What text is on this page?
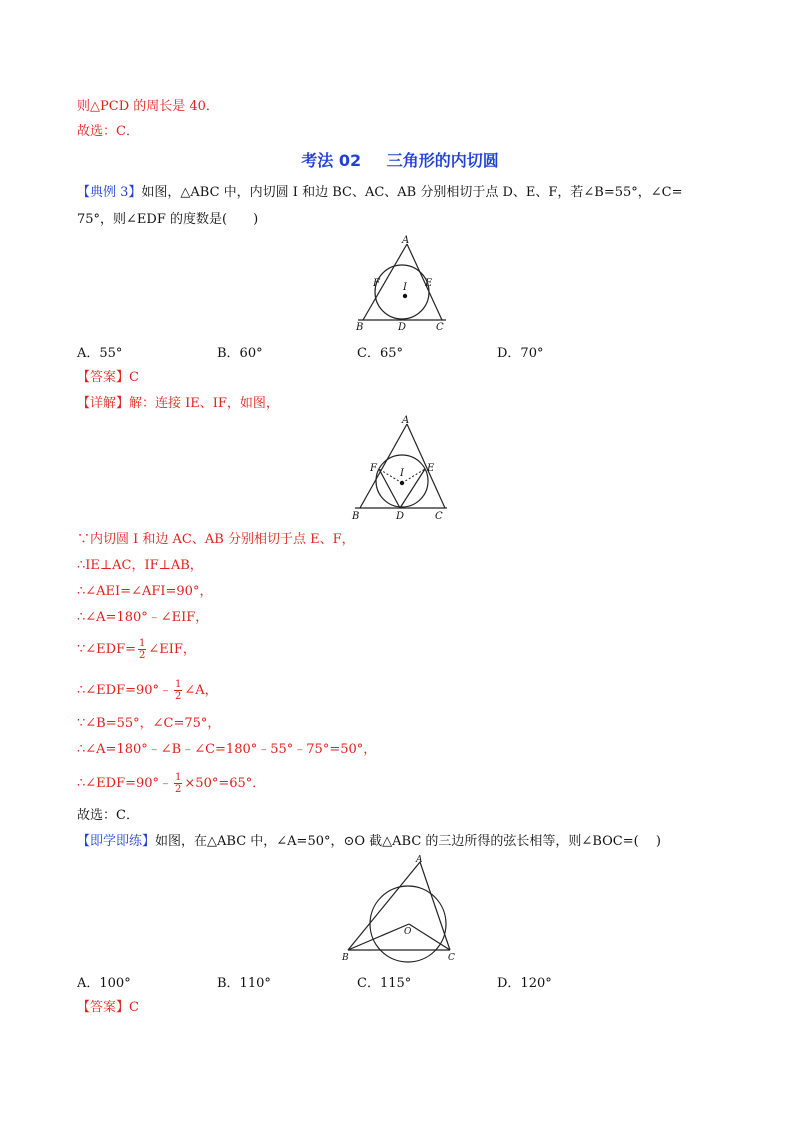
则△PCD 的周长是 40．
故选：C．
考法 02 三角形的内切圆
【典例 3】如图，△ABC 中，内切圆 I 和边 BC、AC、AB 分别相切于点 D、E、F，若∠B=55°，∠C=
75°，则∠EDF 的度数是(　　)
A
F	E
I
B	D	C
A．55°	B．60°	C．65°	D．70°
【答案】C
【详解】解：连接 IE、IF，如图，
A
F	E
I
B	D	C
∵内切圆 I 和边 AC、AB 分别相切于点 E、F，
∴IE⊥AC，IF⊥AB，
∴∠AEI=∠AFI=90°，
∴∠A=180°﹣∠EIF，
∵∠EDF= $\frac{1}{2}$ ∠EIF，
∴∠EDF=90°﹣ $\frac{1}{2}$ ∠A，
∵∠B=55°，∠C=75°，
∴∠A=180°﹣∠B﹣∠C=180°﹣55°﹣75°=50°，
∴∠EDF=90°﹣ $\frac{1}{2} \times 50^\circ=65^\circ$．
故选：C．
【即学即练】如图，在△ABC 中，∠A=50°，⊙O 截△ABC 的三边所得的弦长相等，则∠BOC=(　 )
A
O
B	C
A．100°	B．110°	C．115°	D．120°
【答案】C
